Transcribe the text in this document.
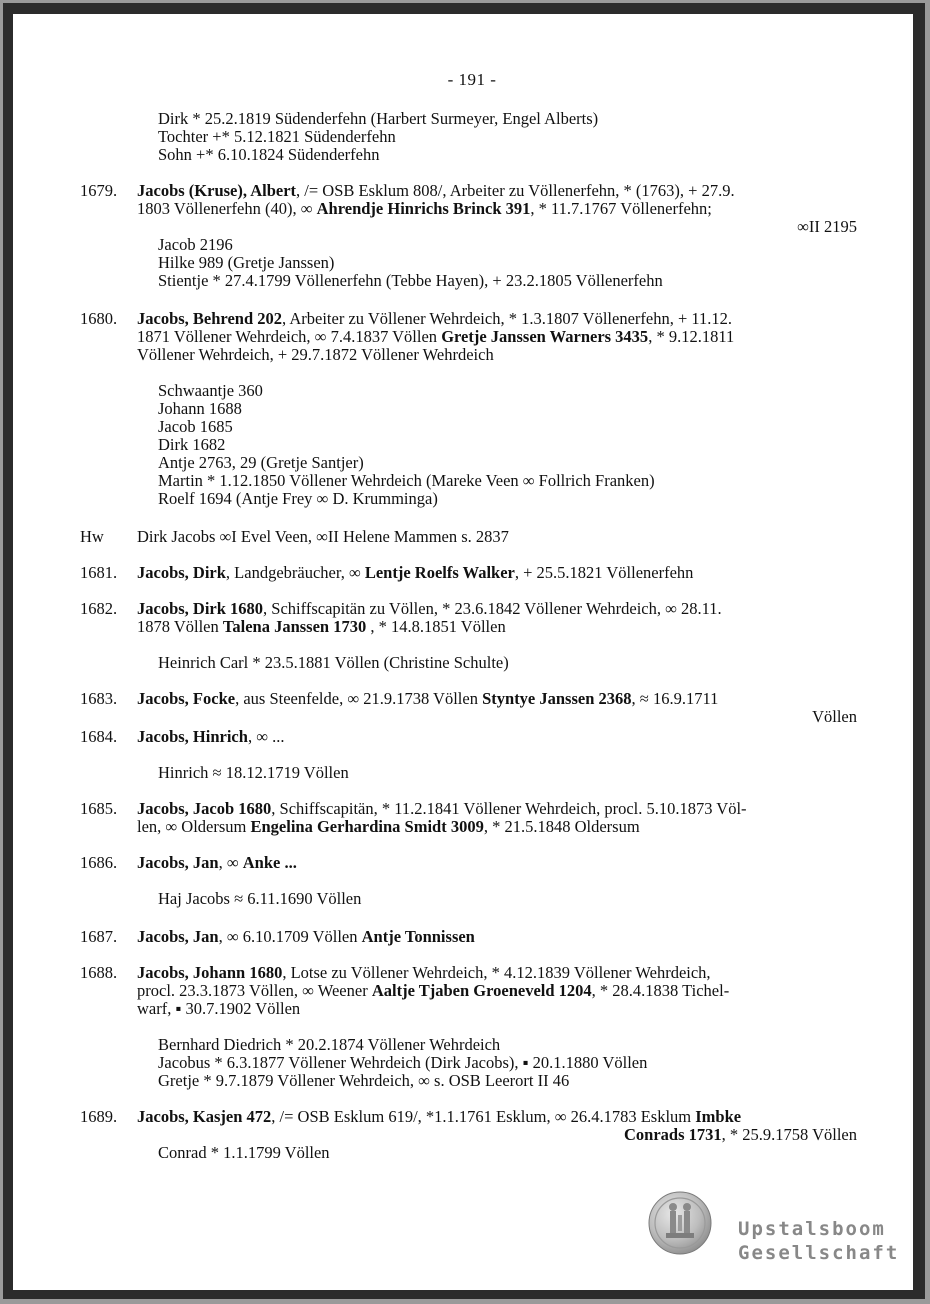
- 191 -
Dirk * 25.2.1819 Südenderfehn (Harbert Surmeyer, Engel Alberts)
Tochter +* 5.12.1821 Südenderfehn
Sohn +* 6.10.1824 Südenderfehn
1679. Jacobs (Kruse), Albert, /= OSB Esklum 808/, Arbeiter zu Völlenerfehn, * (1763), + 27.9.
1803 Völlenerfehn (40), ∞ Ahrendje Hinrichs Brinck 391, * 11.7.1767 Völlenerfehn;
∞II 2195
Jacob 2196
Hilke 989 (Gretje Janssen)
Stientje * 27.4.1799 Völlenerfehn (Tebbe Hayen), + 23.2.1805 Völlenerfehn
1680. Jacobs, Behrend 202, Arbeiter zu Völlener Wehrdeich, * 1.3.1807 Völlenerfehn, + 11.12.
1871 Völlener Wehrdeich, ∞ 7.4.1837 Völlen Gretje Janssen Warners 3435, * 9.12.1811
Völlener Wehrdeich, + 29.7.1872 Völlener Wehrdeich
Schwaantje 360
Johann 1688
Jacob 1685
Dirk 1682
Antje 2763, 29 (Gretje Santjer)
Martin * 1.12.1850 Völlener Wehrdeich (Mareke Veen ∞ Follrich Franken)
Roelf 1694 (Antje Frey ∞ D. Krumminga)
Hw Dirk Jacobs ∞I Evel Veen, ∞II Helene Mammen s. 2837
1681. Jacobs, Dirk, Landgebräucher, ∞ Lentje Roelfs Walker, + 25.5.1821 Völlenerfehn
1682. Jacobs, Dirk 1680, Schiffscapitän zu Völlen, * 23.6.1842 Völlener Wehrdeich, ∞ 28.11.
1878 Völlen Talena Janssen 1730 , * 14.8.1851 Völlen
Heinrich Carl * 23.5.1881 Völlen (Christine Schulte)
1683. Jacobs, Focke, aus Steenfelde, ∞ 21.9.1738 Völlen Styntye Janssen 2368, ≈ 16.9.1711
Völlen
1684. Jacobs, Hinrich, ∞ ...
Hinrich ≈ 18.12.1719 Völlen
1685. Jacobs, Jacob 1680, Schiffscapitän, * 11.2.1841 Völlener Wehrdeich, procl. 5.10.1873 Völ-
len, ∞ Oldersum Engelina Gerhardina Smidt 3009, * 21.5.1848 Oldersum
1686. Jacobs, Jan, ∞ Anke ...
Haj Jacobs ≈ 6.11.1690 Völlen
1687. Jacobs, Jan, ∞ 6.10.1709 Völlen Antje Tonnissen
1688. Jacobs, Johann 1680, Lotse zu Völlener Wehrdeich, * 4.12.1839 Völlener Wehrdeich,
procl. 23.3.1873 Völlen, ∞ Weener Aaltje Tjaben Groeneveld 1204, * 28.4.1838 Tichel-
warf, ▪ 30.7.1902 Völlen
Bernhard Diedrich * 20.2.1874 Völlener Wehrdeich
Jacobus * 6.3.1877 Völlener Wehrdeich (Dirk Jacobs), ▪ 20.1.1880 Völlen
Gretje * 9.7.1879 Völlener Wehrdeich, ∞ s. OSB Leerort II 46
1689. Jacobs, Kasjen 472, /= OSB Esklum 619/, *1.1.1761 Esklum, ∞ 26.4.1783 Esklum Imbke
Conrads 1731, * 25.9.1758 Völlen
Conrad * 1.1.1799 Völlen
Upstalsboom
Gesellschaft
